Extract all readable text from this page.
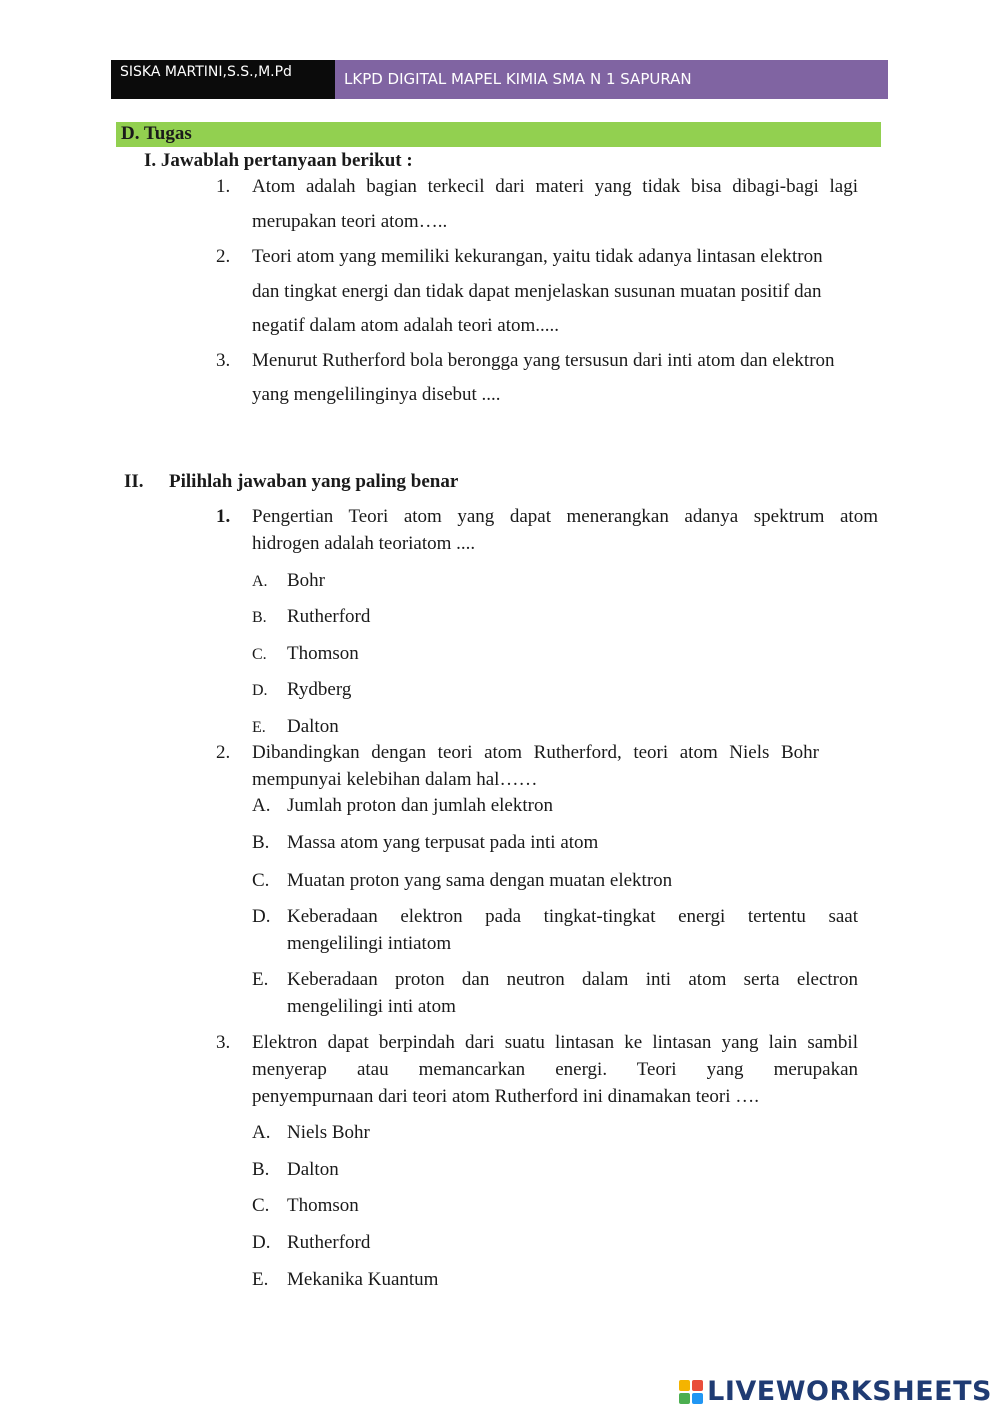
SISKA MARTINI,S.S.,M.Pd	LKPD DIGITAL MAPEL KIMIA SMA N 1 SAPURAN
D. Tugas
I. Jawablah pertanyaan berikut :
1. Atom adalah bagian terkecil dari materi yang tidak bisa dibagi-bagi lagi
merupakan teori atom…..
2. Teori atom yang memiliki kekurangan, yaitu tidak adanya lintasan elektron
dan tingkat energi dan tidak dapat menjelaskan susunan muatan positif dan
negatif dalam atom adalah teori atom.....
3. Menurut Rutherford bola berongga yang tersusun dari inti atom dan elektron
yang mengelilinginya disebut ....
II. Pilihlah jawaban yang paling benar
1. Pengertian Teori atom yang dapat menerangkan adanya spektrum atom
hidrogen adalah teoriatom ....
A. Bohr
B. Rutherford
C. Thomson
D. Rydberg
E. Dalton
2. Dibandingkan dengan teori atom Rutherford, teori atom Niels Bohr
mempunyai kelebihan dalam hal……
A. Jumlah proton dan jumlah elektron
B. Massa atom yang terpusat pada inti atom
C. Muatan proton yang sama dengan muatan elektron
D. Keberadaan elektron pada tingkat-tingkat energi tertentu saat
mengelilingi intiatom
E. Keberadaan proton dan neutron dalam inti atom serta electron
mengelilingi inti atom
3. Elektron dapat berpindah dari suatu lintasan ke lintasan yang lain sambil
menyerap atau memancarkan energi. Teori yang merupakan
penyempurnaan dari teori atom Rutherford ini dinamakan teori ….
A. Niels Bohr
B. Dalton
C. Thomson
D. Rutherford
E. Mekanika Kuantum
LIVEWORKSHEETS
